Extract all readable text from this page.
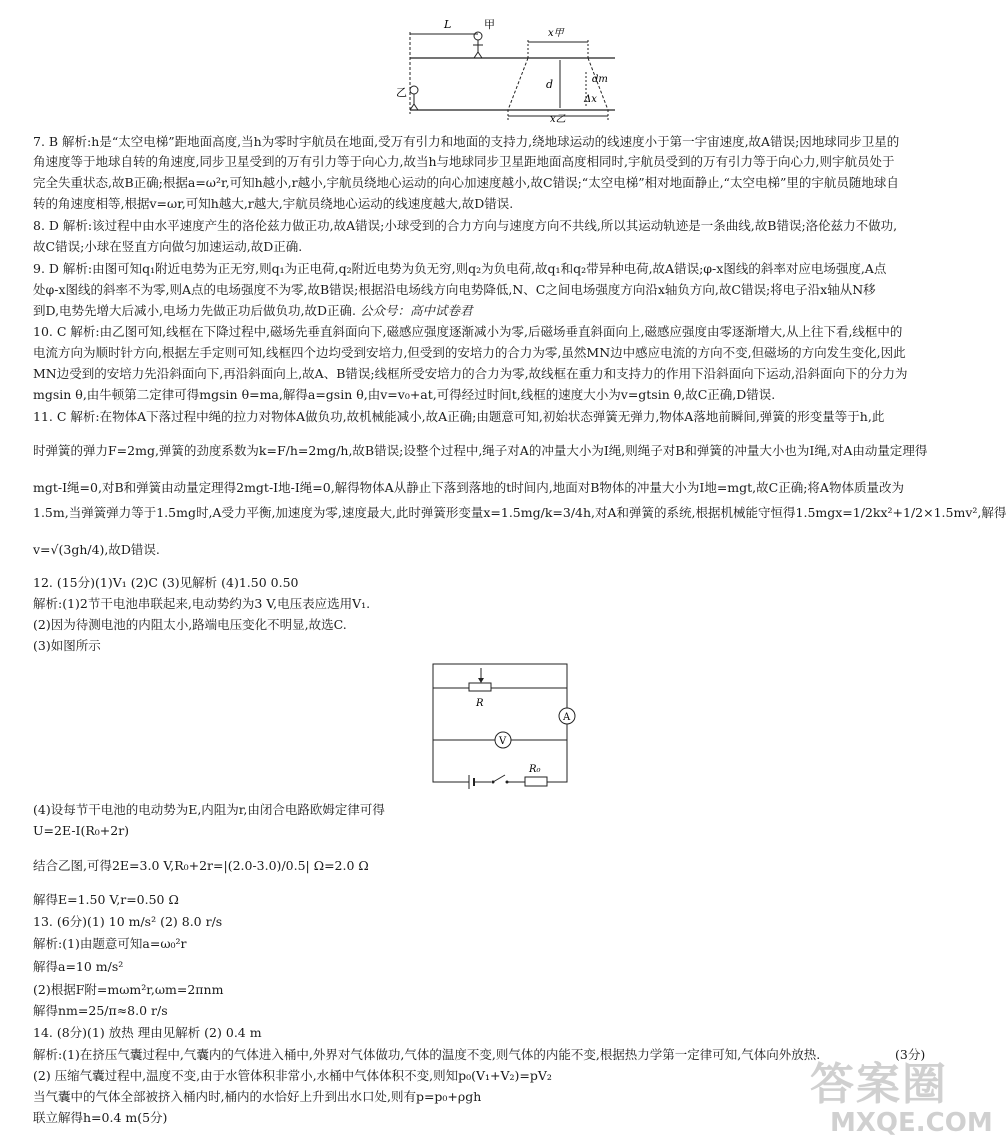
L	甲
乙
x甲
d	dm
Δx
x乙
7. B 解析:h是“太空电梯”距地面高度,当h为零时宇航员在地面,受万有引力和地面的支持力,绕地球运动的线速度小于第一宇宙速度,故A错误;因地球同步卫星的
角速度等于地球自转的角速度,同步卫星受到的万有引力等于向心力,故当h与地球同步卫星距地面高度相同时,宇航员受到的万有引力等于向心力,则宇航员处于
完全失重状态,故B正确;根据a=ω²r,可知h越小,r越小,宇航员绕地心运动的向心加速度越小,故C错误;“太空电梯”相对地面静止,“太空电梯”里的宇航员随地球自
转的角速度相等,根据v=ωr,可知h越大,r越大,宇航员绕地心运动的线速度越大,故D错误.
8. D 解析:该过程中由水平速度产生的洛伦兹力做正功,故A错误;小球受到的合力方向与速度方向不共线,所以其运动轨迹是一条曲线,故B错误;洛伦兹力不做功,
故C错误;小球在竖直方向做匀加速运动,故D正确.
9. D 解析:由图可知q₁附近电势为正无穷,则q₁为正电荷,q₂附近电势为负无穷,则q₂为负电荷,故q₁和q₂带异种电荷,故A错误;φ-x图线的斜率对应电场强度,A点
处φ-x图线的斜率不为零,则A点的电场强度不为零,故B错误;根据沿电场线方向电势降低,N、C之间电场强度方向沿x轴负方向,故C错误;将电子沿x轴从N移
到D,电势先增大后减小,电场力先做正功后做负功,故D正确. 公众号：高中试卷君
10. C 解析:由乙图可知,线框在下降过程中,磁场先垂直斜面向下,磁感应强度逐渐减小为零,后磁场垂直斜面向上,磁感应强度由零逐渐增大,从上往下看,线框中的
电流方向为顺时针方向,根据左手定则可知,线框四个边均受到安培力,但受到的安培力的合力为零,虽然MN边中感应电流的方向不变,但磁场的方向发生变化,因此
MN边受到的安培力先沿斜面向下,再沿斜面向上,故A、B错误;线框所受安培力的合力为零,故线框在重力和支持力的作用下沿斜面向下运动,沿斜面向下的分力为
mgsin θ,由牛顿第二定律可得mgsin θ=ma,解得a=gsin θ,由v=v₀+at,可得经过时间t,线框的速度大小为v=gtsin θ,故C正确,D错误.
11. C 解析:在物体A下落过程中绳的拉力对物体A做负功,故机械能减小,故A正确;由题意可知,初始状态弹簧无弹力,物体A落地前瞬间,弹簧的形变量等于h,此
时弹簧的弹力F=2mg,弹簧的劲度系数为k=F/h=2mg/h,故B错误;设整个过程中,绳子对A的冲量大小为I绳,则绳子对B和弹簧的冲量大小也为I绳,对A由动量定理得
mgt-I绳=0,对B和弹簧由动量定理得2mgt-I地-I绳=0,解得物体A从静止下落到落地的t时间内,地面对B物体的冲量大小为I地=mgt,故C正确;将A物体质量改为
1.5m,当弹簧弹力等于1.5mg时,A受力平衡,加速度为零,速度最大,此时弹簧形变量x=1.5mg/k=3/4h,对A和弹簧的系统,根据机械能守恒得1.5mgx=1/2kx²+1/2×1.5mv²,解得
v=√(3gh/4),故D错误.
12. (15分)(1)V₁ (2)C (3)见解析 (4)1.50 0.50
解析:(1)2节干电池串联起来,电动势约为3 V,电压表应选用V₁.
(2)因为待测电池的内阻太小,路端电压变化不明显,故选C.
(3)如图所示
R
A
V
R₀
(4)设每节干电池的电动势为E,内阻为r,由闭合电路欧姆定律可得
U=2E-I(R₀+2r)
结合乙图,可得2E=3.0 V,R₀+2r=|(2.0-3.0)/0.5| Ω=2.0 Ω
解得E=1.50 V,r=0.50 Ω
13. (6分)(1) 10 m/s² (2) 8.0 r/s
解析:(1)由题意可知a=ω₀²r
解得a=10 m/s²
(2)根据F附=mωm²r,ωm=2πnm
解得nm=25/π≈8.0 r/s
14. (8分)(1) 放热 理由见解析 (2) 0.4 m
解析:(1)在挤压气囊过程中,气囊内的气体进入桶中,外界对气体做功,气体的温度不变,则气体的内能不变,根据热力学第一定律可知,气体向外放热.	(3分)
(2) 压缩气囊过程中,温度不变,由于水管体积非常小,水桶中气体体积不变,则知p₀(V₁+V₂)=pV₂
当气囊中的气体全部被挤入桶内时,桶内的水恰好上升到出水口处,则有p=p₀+ρgh
联立解得h=0.4 m(5分)
答案圈
MXQE.COM
